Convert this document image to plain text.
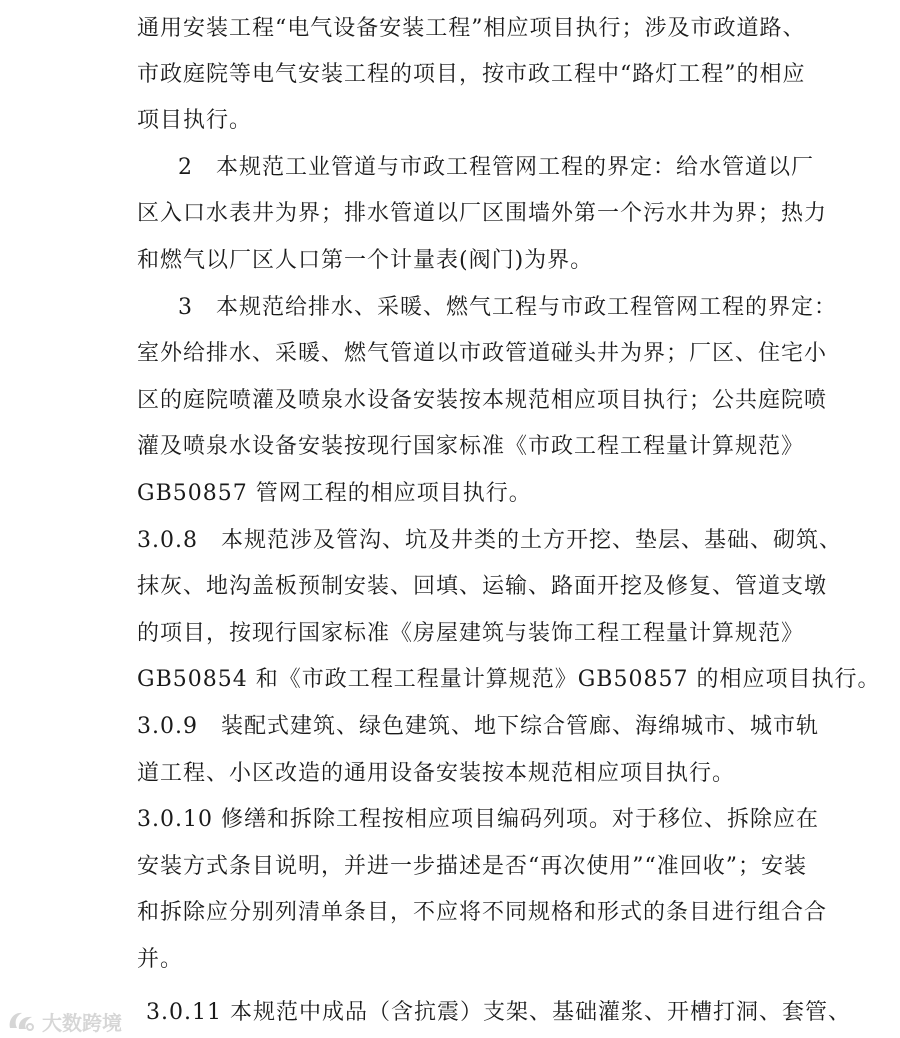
通用安装工程“电气设备安装工程”相应项目执行；涉及市政道路、
市政庭院等电气安装工程的项目，按市政工程中“路灯工程”的相应
项目执行。
2　本规范工业管道与市政工程管网工程的界定：给水管道以厂
区入口水表井为界；排水管道以厂区围墙外第一个污水井为界；热力
和燃气以厂区人口第一个计量表(阀门)为界。
3　本规范给排水、采暖、燃气工程与市政工程管网工程的界定：
室外给排水、采暖、燃气管道以市政管道碰头井为界；厂区、住宅小
区的庭院喷灌及喷泉水设备安装按本规范相应项目执行；公共庭院喷
灌及喷泉水设备安装按现行国家标准《市政工程工程量计算规范》
GB50857 管网工程的相应项目执行。
3.0.8　本规范涉及管沟、坑及井类的土方开挖、垫层、基础、砌筑、
抹灰、地沟盖板预制安装、回填、运输、路面开挖及修复、管道支墩
的项目，按现行国家标准《房屋建筑与装饰工程工程量计算规范》
GB50854 和《市政工程工程量计算规范》GB50857 的相应项目执行。
3.0.9　装配式建筑、绿色建筑、地下综合管廊、海绵城市、城市轨
道工程、小区改造的通用设备安装按本规范相应项目执行。
3.0.10 修缮和拆除工程按相应项目编码列项。对于移位、拆除应在
安装方式条目说明，并进一步描述是否“再次使用”“准回收”；安装
和拆除应分别列清单条目，不应将不同规格和形式的条目进行组合合
并。
3.0.11 本规范中成品（含抗震）支架、基础灌浆、开槽打洞、套管、
大数跨境
